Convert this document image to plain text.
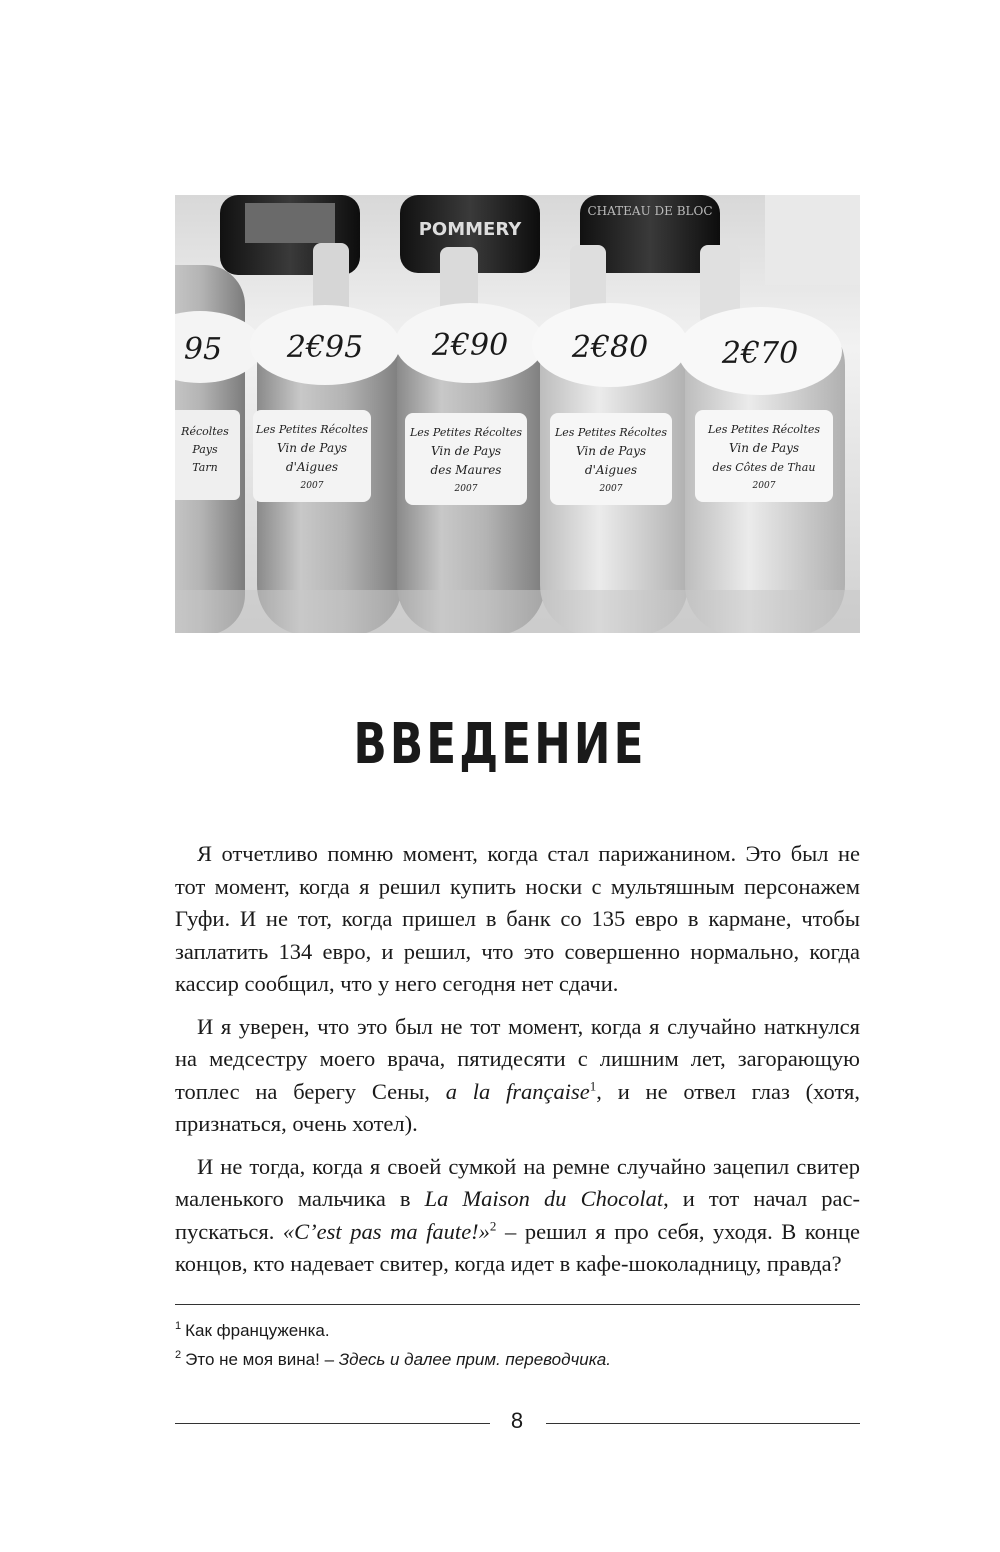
POMMERY
CHATEAU DE BLOC
95 2€95 2€90 2€80 2€70
Récoltes
Pays
Tarn
Les Petites Récoltes
Vin de Pays
d'Aigues
2007
Les Petites Récoltes
Vin de Pays
des Maures
2007
Les Petites Récoltes
Vin de Pays
d'Aigues
2007
Les Petites Récoltes
Vin de Pays
des Côtes de Thau
2007
ВВЕДЕНИЕ

Я отчетливо помню момент, когда стал парижанином. Это был не тот момент, когда я решил купить носки с мультяшным персонажем Гуфи. И не тот, когда пришел в банк со 135 евро в кармане, чтобы заплатить 134 евро, и решил, что это совершенно нормально, когда кассир сообщил, что у него сегодня нет сдачи.

И я уверен, что это был не тот момент, когда я случайно наткнулся на медсестру моего врача, пятидесяти с лишним лет, загорающую топлес на берегу Сены, a la française$^1$, и не отвел глаз (хотя, признаться, очень хотел).

И не тогда, когда я своей сумкой на ремне случайно зацепил свитер маленького мальчика в La Maison du Chocolat, и тот начал распускаться. «C’est pas ma faute!»$^2$ – решил я про себя, уходя. В конце концов, кто надевает свитер, когда идет в кафе-шоколадницу, правда?

$^1$ Как француженка.
$^2$ Это не моя вина! – Здесь и далее прим. переводчика.
8
